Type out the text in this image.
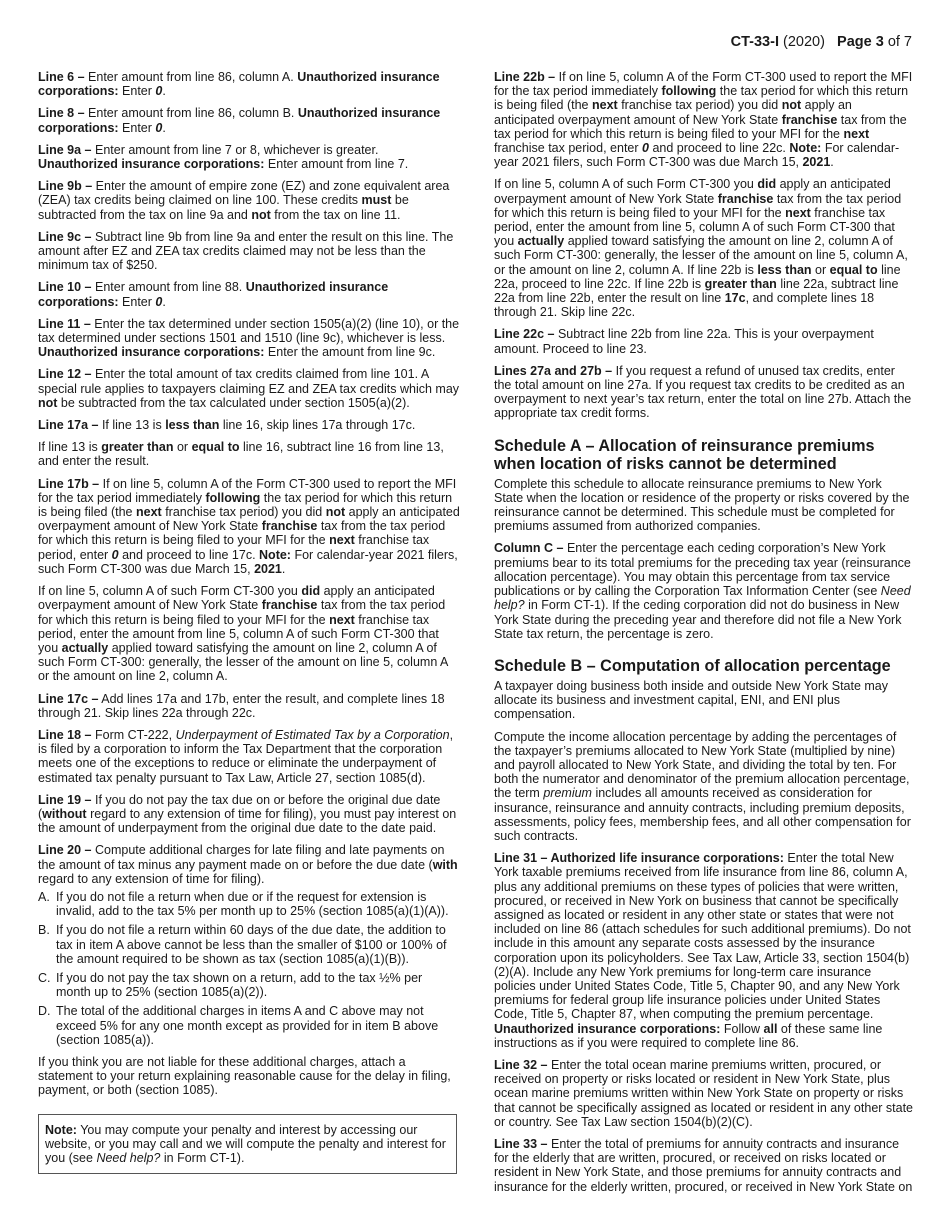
CT-33-I (2020) Page 3 of 7

Line 6 – Enter amount from line 86, column A. Unauthorized insurance corporations: Enter 0.

Line 8 – Enter amount from line 86, column B. Unauthorized insurance corporations: Enter 0.

Line 9a – Enter amount from line 7 or 8, whichever is greater.
Unauthorized insurance corporations: Enter amount from line 7.

Line 9b – Enter the amount of empire zone (EZ) and zone equivalent area (ZEA) tax credits being claimed on line 100. These credits must be subtracted from the tax on line 9a and not from the tax on line 11.

Line 9c – Subtract line 9b from line 9a and enter the result on this line. The amount after EZ and ZEA tax credits claimed may not be less than the minimum tax of $250.

Line 10 – Enter amount from line 88. Unauthorized insurance corporations: Enter 0.

Line 11 – Enter the tax determined under section 1505(a)(2) (line 10), or the tax determined under sections 1501 and 1510 (line 9c), whichever is less.
Unauthorized insurance corporations: Enter the amount from line 9c.

Line 12 – Enter the total amount of tax credits claimed from line 101. A special rule applies to taxpayers claiming EZ and ZEA tax credits which may not be subtracted from the tax calculated under section 1505(a)(2).

Line 17a – If line 13 is less than line 16, skip lines 17a through 17c.

If line 13 is greater than or equal to line 16, subtract line 16 from line 13, and enter the result.

Line 17b – If on line 5, column A of the Form CT-300 used to report the MFI for the tax period immediately following the tax period for which this return is being filed (the next franchise tax period) you did not apply an anticipated overpayment amount of New York State franchise tax from the tax period for which this return is being filed to your MFI for the next franchise tax period, enter 0 and proceed to line 17c. Note: For calendar-year 2021 filers, such Form CT-300 was due March 15, 2021.

If on line 5, column A of such Form CT-300 you did apply an anticipated overpayment amount of New York State franchise tax from the tax period for which this return is being filed to your MFI for the next franchise tax period, enter the amount from line 5, column A of such Form CT-300 that you actually applied toward satisfying the amount on line 2, column A of such Form CT-300: generally, the lesser of the amount on line 5, column A or the amount on line 2, column A.

Line 17c – Add lines 17a and 17b, enter the result, and complete lines 18 through 21. Skip lines 22a through 22c.

Line 18 – Form CT-222, Underpayment of Estimated Tax by a Corporation, is filed by a corporation to inform the Tax Department that the corporation meets one of the exceptions to reduce or eliminate the underpayment of estimated tax penalty pursuant to Tax Law, Article 27, section 1085(d).

Line 19 – If you do not pay the tax due on or before the original due date (without regard to any extension of time for filing), you must pay interest on the amount of underpayment from the original due date to the date paid.

Line 20 – Compute additional charges for late filing and late payments on the amount of tax minus any payment made on or before the due date (with regard to any extension of time for filing).

A. If you do not file a return when due or if the request for extension is invalid, add to the tax 5% per month up to 25% (section 1085(a)(1)(A)).
B. If you do not file a return within 60 days of the due date, the addition to tax in item A above cannot be less than the smaller of $100 or 100% of the amount required to be shown as tax (section 1085(a)(1)(B)).
C. If you do not pay the tax shown on a return, add to the tax ½% per month up to 25% (section 1085(a)(2)).
D. The total of the additional charges in items A and C above may not exceed 5% for any one month except as provided for in item B above (section 1085(a)).

If you think you are not liable for these additional charges, attach a statement to your return explaining reasonable cause for the delay in filing, payment, or both (section 1085).

Note: You may compute your penalty and interest by accessing our website, or you may call and we will compute the penalty and interest for you (see Need help? in Form CT-1).

Line 22b – If on line 5, column A of the Form CT-300 used to report the MFI for the tax period immediately following the tax period for which this return is being filed (the next franchise tax period) you did not apply an anticipated overpayment amount of New York State franchise tax from the tax period for which this return is being filed to your MFI for the next franchise tax period, enter 0 and proceed to line 22c. Note: For calendar-year 2021 filers, such Form CT-300 was due March 15, 2021.

If on line 5, column A of such Form CT-300 you did apply an anticipated overpayment amount of New York State franchise tax from the tax period for which this return is being filed to your MFI for the next franchise tax period, enter the amount from line 5, column A of such Form CT-300 that you actually applied toward satisfying the amount on line 2, column A of such Form CT-300: generally, the lesser of the amount on line 5, column A, or the amount on line 2, column A. If line 22b is less than or equal to line 22a, proceed to line 22c. If line 22b is greater than line 22a, subtract line 22a from line 22b, enter the result on line 17c, and complete lines 18 through 21. Skip line 22c.

Line 22c – Subtract line 22b from line 22a. This is your overpayment amount. Proceed to line 23.

Lines 27a and 27b – If you request a refund of unused tax credits, enter the total amount on line 27a. If you request tax credits to be credited as an overpayment to next year’s tax return, enter the total on line 27b. Attach the appropriate tax credit forms.

Schedule A – Allocation of reinsurance premiums when location of risks cannot be determined

Complete this schedule to allocate reinsurance premiums to New York State when the location or residence of the property or risks covered by the reinsurance cannot be determined. This schedule must be completed for premiums assumed from authorized companies.

Column C – Enter the percentage each ceding corporation’s New York premiums bear to its total premiums for the preceding tax year (reinsurance allocation percentage). You may obtain this percentage from tax service publications or by calling the Corporation Tax Information Center (see Need help? in Form CT-1). If the ceding corporation did not do business in New York State during the preceding year and therefore did not file a New York State tax return, the percentage is zero.

Schedule B – Computation of allocation percentage

A taxpayer doing business both inside and outside New York State may allocate its business and investment capital, ENI, and ENI plus compensation.

Compute the income allocation percentage by adding the percentages of the taxpayer’s premiums allocated to New York State (multiplied by nine) and payroll allocated to New York State, and dividing the total by ten. For both the numerator and denominator of the premium allocation percentage, the term premium includes all amounts received as consideration for insurance, reinsurance and annuity contracts, including premium deposits, assessments, policy fees, membership fees, and all other compensation for such contracts.

Line 31 – Authorized life insurance corporations: Enter the total New York taxable premiums received from life insurance from line 86, column A, plus any additional premiums on these types of policies that were written, procured, or received in New York on business that cannot be specifically assigned as located or resident in any other state or states that were not included on line 86 (attach schedules for such additional premiums). Do not include in this amount any separate costs assessed by the insurance corporation upon its policyholders. See Tax Law, Article 33, section 1504(b)(2)(A). Include any New York premiums for long-term care insurance policies under United States Code, Title 5, Chapter 90, and any New York premiums for federal group life insurance policies under United States Code, Title 5, Chapter 87, when computing the premium percentage. Unauthorized insurance corporations: Follow all of these same line instructions as if you were required to complete line 86.

Line 32 – Enter the total ocean marine premiums written, procured, or received on property or risks located or resident in New York State, plus ocean marine premiums written within New York State on property or risks that cannot be specifically assigned as located or resident in any other state or country. See Tax Law section 1504(b)(2)(C).

Line 33 – Enter the total of premiums for annuity contracts and insurance for the elderly that are written, procured, or received on risks located or resident in New York State, and those premiums for annuity contracts and insurance for the elderly written, procured, or received in New York State on
